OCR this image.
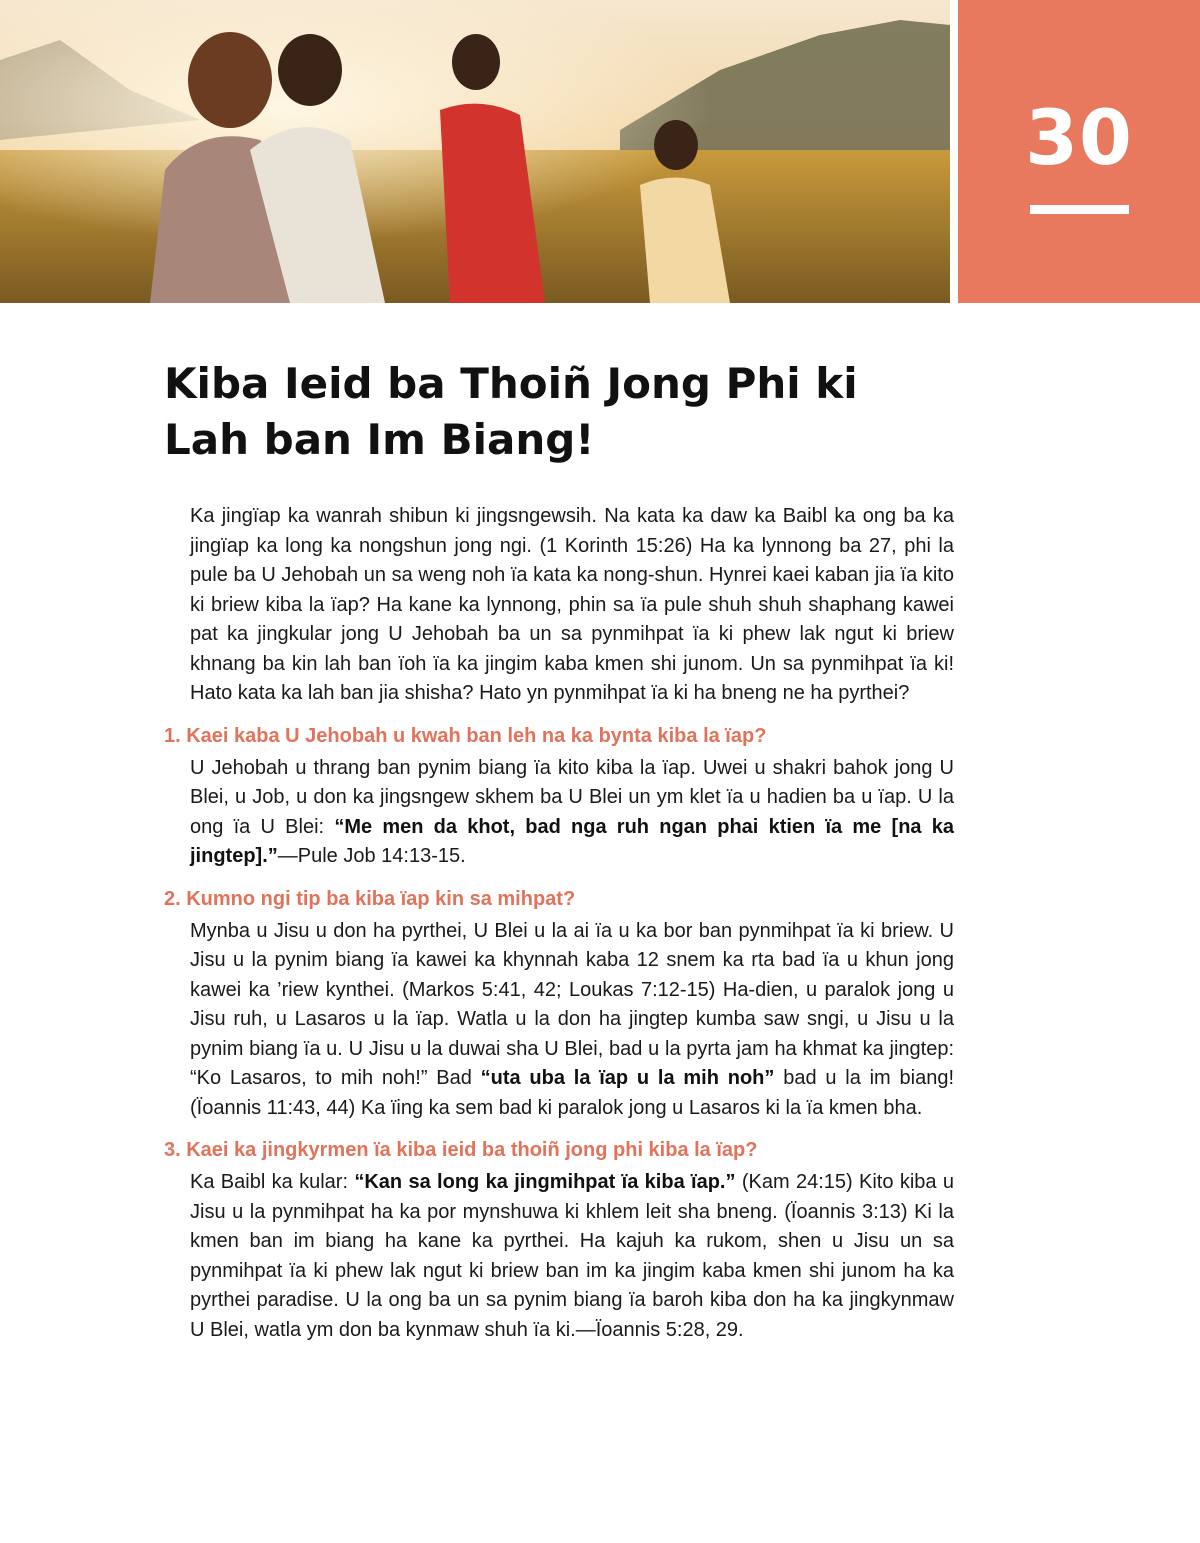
30
Kiba Ieid ba Thoiñ Jong Phi ki
Lah ban Im Biang!

Ka jingïap ka wanrah shibun ki jingsngewsih. Na kata ka daw ka Baibl ka ong ba ka jingïap ka long ka nongshun jong ngi. (1 Korinth 15:26) Ha ka lynnong ba 27, phi la pule ba U Jehobah un sa weng noh ïa kata ka nong-shun. Hynrei kaei kaban jia ïa kito ki briew kiba la ïap? Ha kane ka lynnong, phin sa ïa pule shuh shuh shaphang kawei pat ka jingkular jong U Jehobah ba un sa pynmihpat ïa ki phew lak ngut ki briew khnang ba kin lah ban ïoh ïa ka jingim kaba kmen shi junom. Un sa pynmihpat ïa ki! Hato kata ka lah ban jia shisha? Hato yn pynmihpat ïa ki ha bneng ne ha pyrthei?

1. Kaei kaba U Jehobah u kwah ban leh na ka bynta kiba la ïap?

U Jehobah u thrang ban pynim biang ïa kito kiba la ïap. Uwei u shakri bahok jong U Blei, u Job, u don ka jingsngew skhem ba U Blei un ym klet ïa u hadien ba u ïap. U la ong ïa U Blei: “Me men da khot, bad nga ruh ngan phai ktien ïa me [na ka jingtep].”—Pule Job 14:13-15.

2. Kumno ngi tip ba kiba ïap kin sa mihpat?

Mynba u Jisu u don ha pyrthei, U Blei u la ai ïa u ka bor ban pynmihpat ïa ki briew. U Jisu u la pynim biang ïa kawei ka khynnah kaba 12 snem ka rta bad ïa u khun jong kawei ka ’riew kynthei. (Markos 5:41, 42; Loukas 7:12-15) Ha-dien, u paralok jong u Jisu ruh, u Lasaros u la ïap. Watla u la don ha jingtep kumba saw sngi, u Jisu u la pynim biang ïa u. U Jisu u la duwai sha U Blei, bad u la pyrta jam ha khmat ka jingtep: “Ko Lasaros, to mih noh!” Bad “uta uba la ïap u la mih noh” bad u la im biang! (Ïoannis 11:43, 44) Ka ïing ka sem bad ki paralok jong u Lasaros ki la ïa kmen bha.

3. Kaei ka jingkyrmen ïa kiba ieid ba thoiñ jong phi kiba la ïap?

Ka Baibl ka kular: “Kan sa long ka jingmihpat ïa kiba ïap.” (Kam 24:15) Kito kiba u Jisu u la pynmihpat ha ka por mynshuwa ki khlem leit sha bneng. (Ïoannis 3:13) Ki la kmen ban im biang ha kane ka pyrthei. Ha kajuh ka rukom, shen u Jisu un sa pynmihpat ïa ki phew lak ngut ki briew ban im ka jingim kaba kmen shi junom ha ka pyrthei paradise. U la ong ba un sa pynim biang ïa baroh kiba don ha ka jingkynmaw U Blei, watla ym don ba kynmaw shuh ïa ki.—Ïoannis 5:28, 29.
